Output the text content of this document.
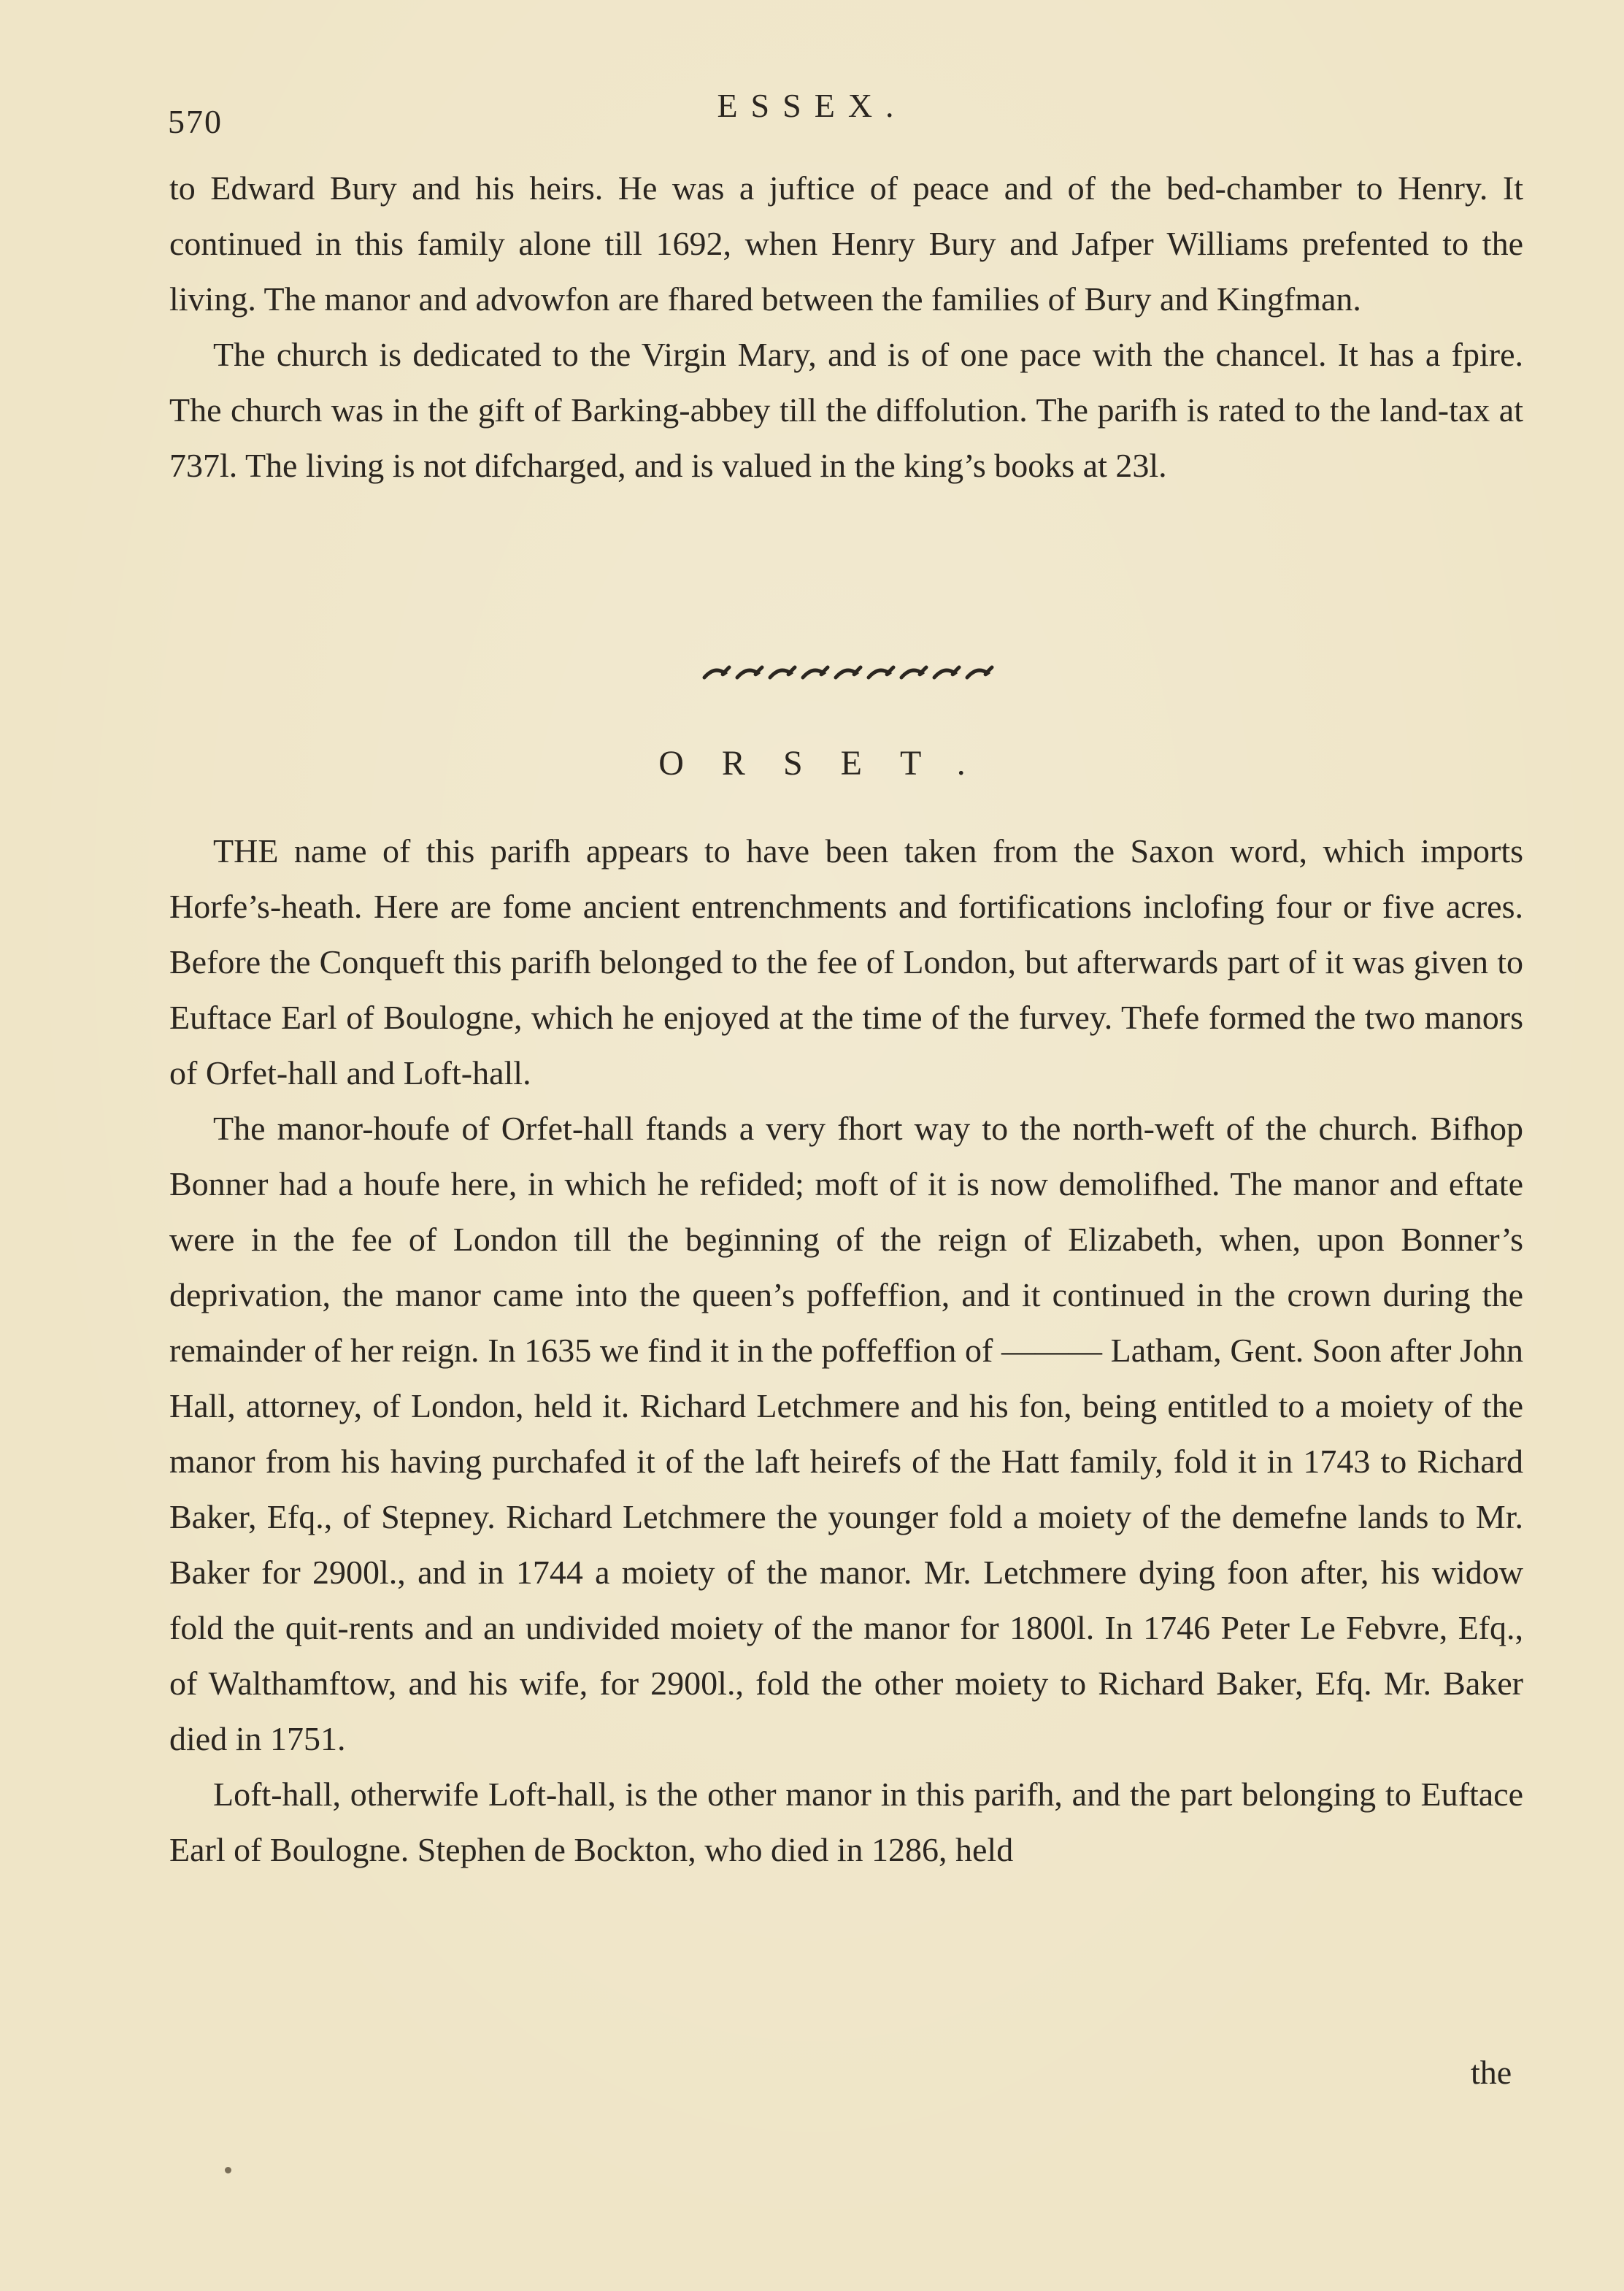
570	ESSEX.

to Edward Bury and his heirs. He was a juftice of peace and of the bed-chamber to Henry. It continued in this family alone till 1692, when Henry Bury and Jafper Williams prefented to the living. The manor and advowfon are fhared between the families of Bury and Kingfman.

The church is dedicated to the Virgin Mary, and is of one pace with the chancel. It has a fpire. The church was in the gift of Barking-abbey till the diffolution. The parifh is rated to the land-tax at 737l. The living is not difcharged, and is valued in the king’s books at 23l.

ORSET.

THE name of this parifh appears to have been taken from the Saxon word, which imports Horfe’s-heath. Here are fome ancient entrenchments and fortifications inclofing four or five acres. Before the Conqueft this parifh belonged to the fee of London, but afterwards part of it was given to Euftace Earl of Boulogne, which he enjoyed at the time of the furvey. Thefe formed the two manors of Orfet-hall and Loft-hall.

The manor-houfe of Orfet-hall ftands a very fhort way to the north-weft of the church. Bifhop Bonner had a houfe here, in which he refided; moft of it is now demolifhed. The manor and eftate were in the fee of London till the beginning of the reign of Elizabeth, when, upon Bonner’s deprivation, the manor came into the queen’s poffeffion, and it continued in the crown during the remainder of her reign. In 1635 we find it in the poffeffion of ——— Latham, Gent. Soon after John Hall, attorney, of London, held it. Richard Letchmere and his fon, being entitled to a moiety of the manor from his having purchafed it of the laft heirefs of the Hatt family, fold it in 1743 to Richard Baker, Efq., of Stepney. Richard Letchmere the younger fold a moiety of the demefne lands to Mr. Baker for 2900l., and in 1744 a moiety of the manor. Mr. Letchmere dying foon after, his widow fold the quit-rents and an undivided moiety of the manor for 1800l. In 1746 Peter Le Febvre, Efq., of Walthamftow, and his wife, for 2900l., fold the other moiety to Richard Baker, Efq. Mr. Baker died in 1751.

Loft-hall, otherwife Loft-hall, is the other manor in this parifh, and the part belonging to Euftace Earl of Boulogne. Stephen de Bockton, who died in 1286, held

the
